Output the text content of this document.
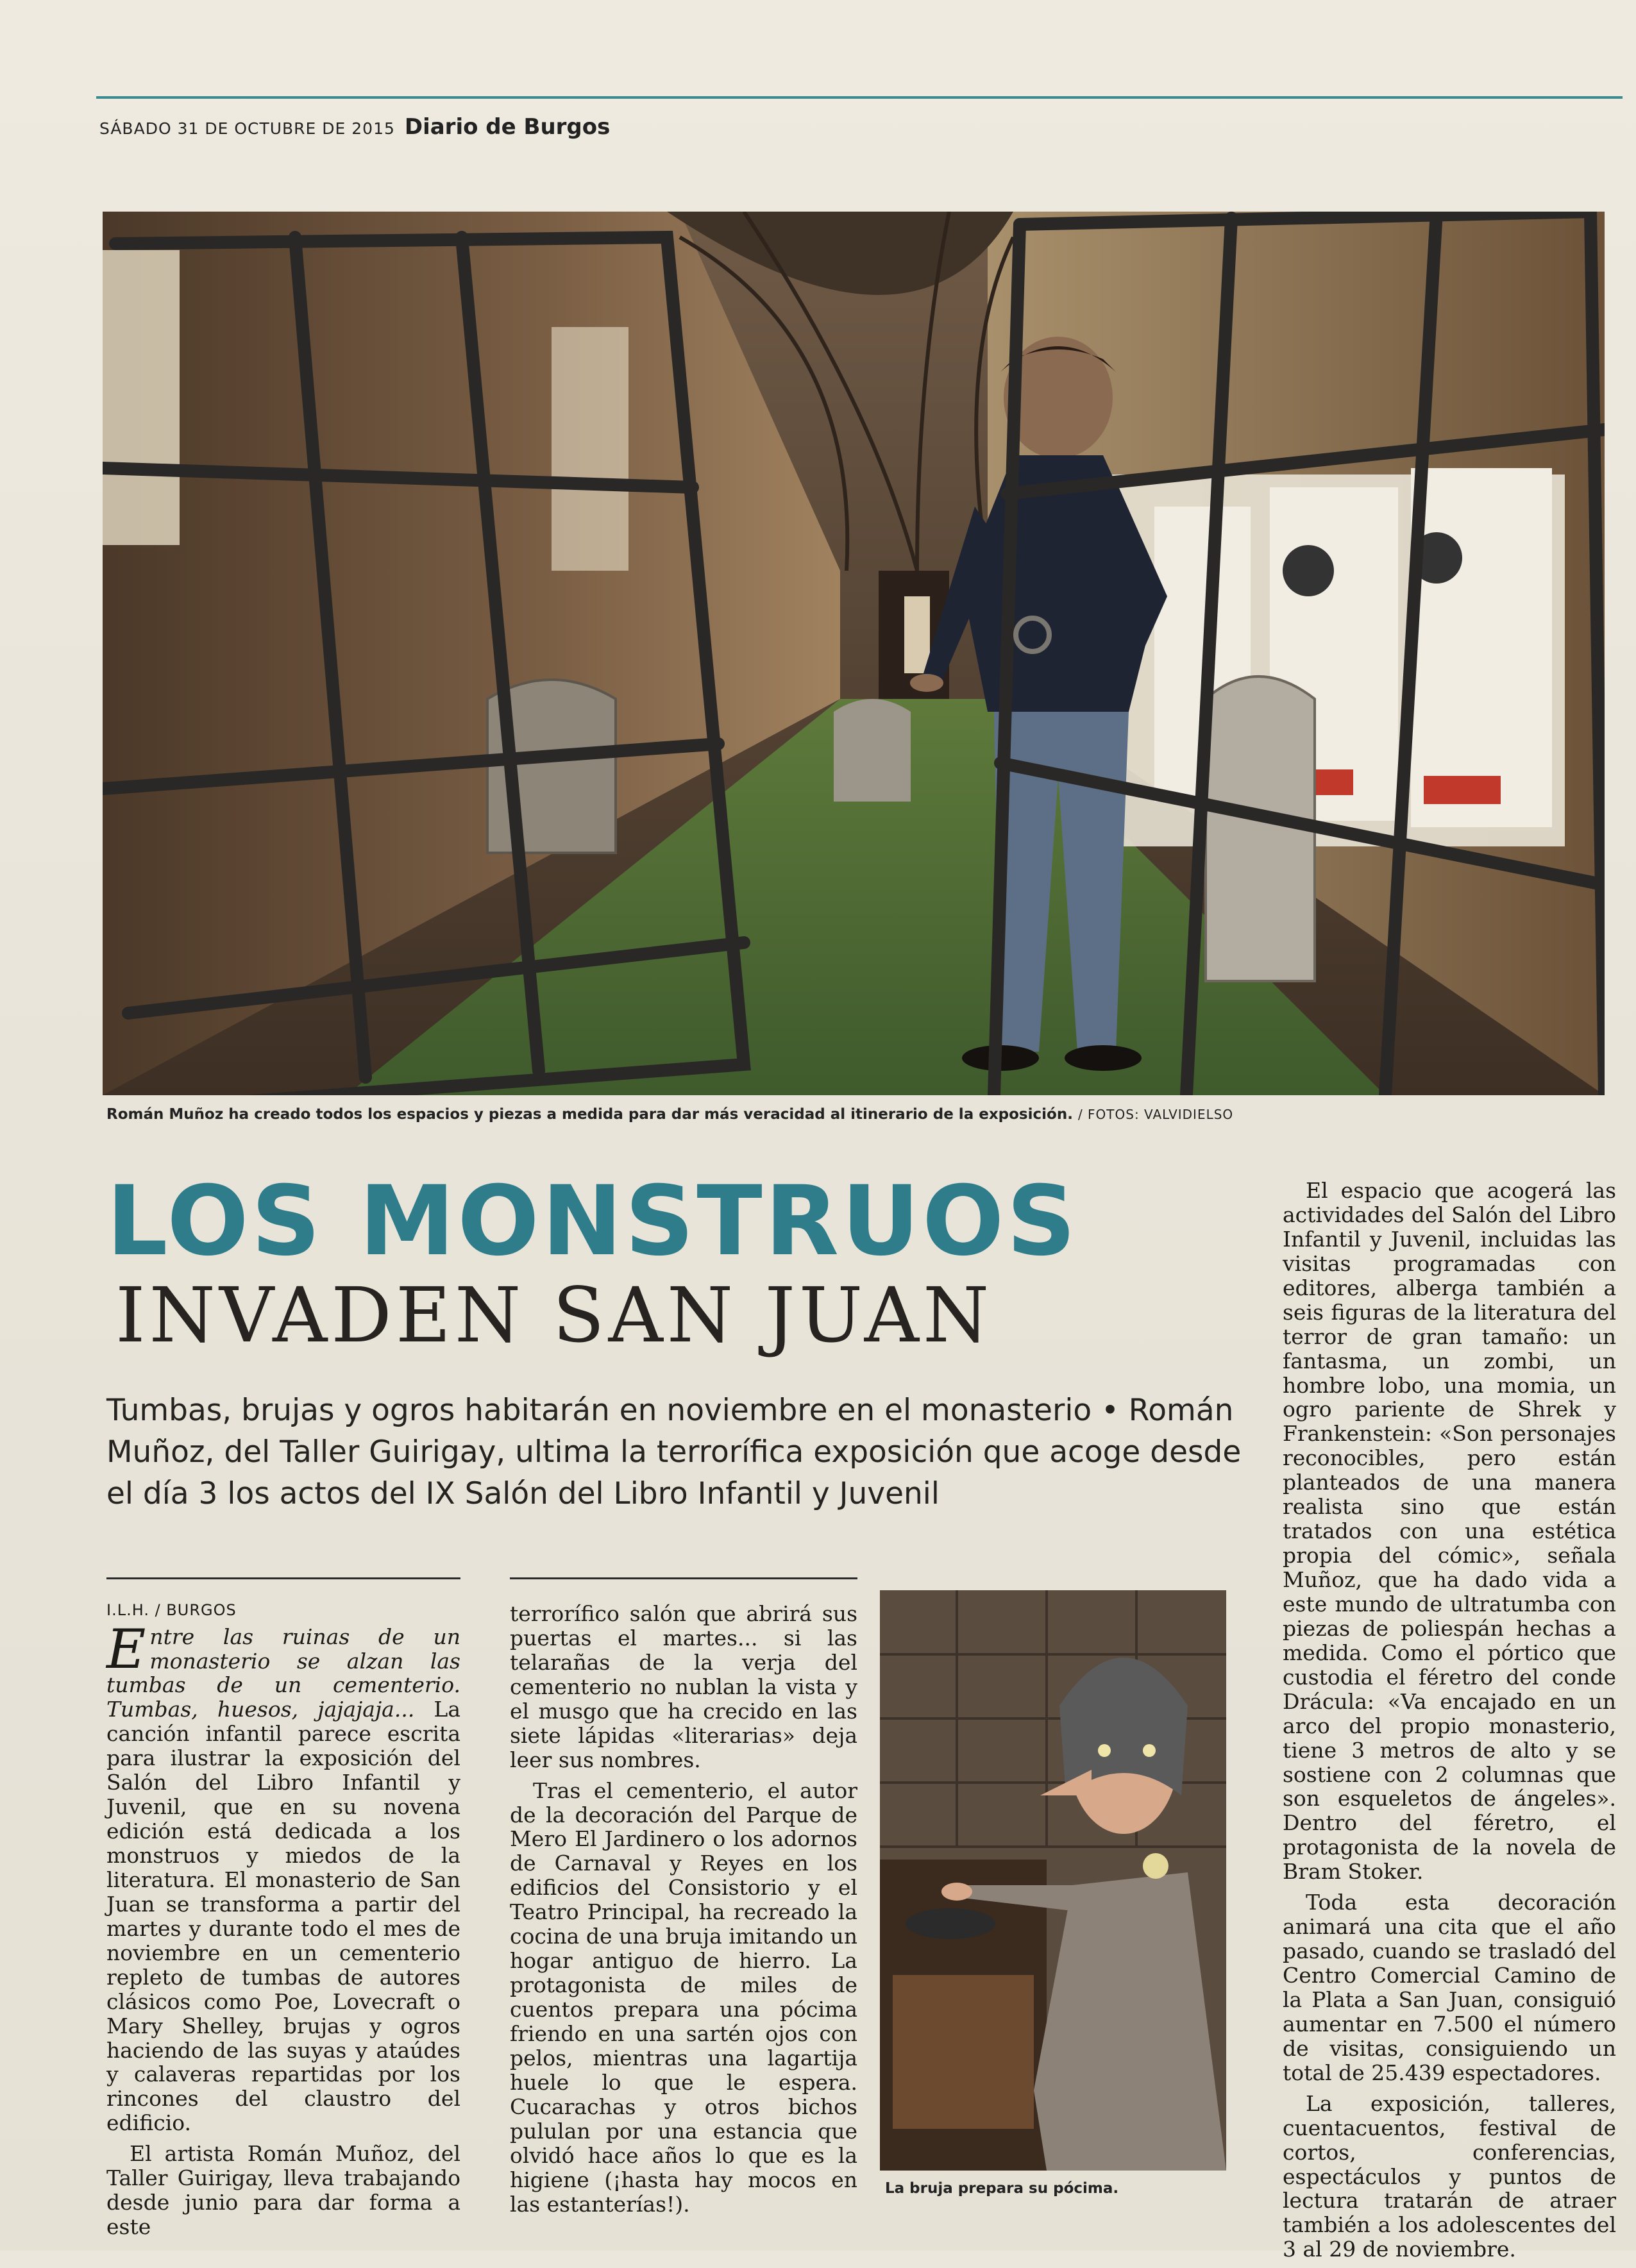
SÁBADO 31 DE OCTUBRE DE 2015 Diario de Burgos
Román Muñoz ha creado todos los espacios y piezas a medida para dar más veracidad al itinerario de la exposición. / FOTOS: VALVIDIELSO
LOS MONSTRUOS
INVADEN SAN JUAN
Tumbas, brujas y ogros habitarán en noviembre en el monasterio • Román Muñoz, del Taller Guirigay, ultima la terrorífica exposición que acoge desde el día 3 los actos del IX Salón del Libro Infantil y Juvenil
I.L.H. / BURGOS

Entre las ruinas de un monasterio se alzan las tumbas de un cementerio. Tumbas, huesos, jajajaja... La canción infantil parece escrita para ilustrar la exposición del Salón del Libro Infantil y Juvenil, que en su novena edición está dedicada a los monstruos y miedos de la literatura. El monasterio de San Juan se transforma a partir del martes y durante todo el mes de noviembre en un cementerio repleto de tumbas de autores clásicos como Poe, Lovecraft o Mary Shelley, brujas y ogros haciendo de las suyas y ataúdes y calaveras repartidas por los rincones del claustro del edificio.

El artista Román Muñoz, del Taller Guirigay, lleva trabajando desde junio para dar forma a este

terrorífico salón que abrirá sus puertas el martes... si las telarañas de la verja del cementerio no nublan la vista y el musgo que ha crecido en las siete lápidas «literarias» deja leer sus nombres.

Tras el cementerio, el autor de la decoración del Parque de Mero El Jardinero o los adornos de Carnaval y Reyes en los edificios del Consistorio y el Teatro Principal, ha recreado la cocina de una bruja imitando un hogar antiguo de hierro. La protagonista de miles de cuentos prepara una pócima friendo en una sartén ojos con pelos, mientras una lagartija huele lo que le espera. Cucarachas y otros bichos pululan por una estancia que olvidó hace años lo que es la higiene (¡hasta hay mocos en las estanterías!).

La bruja prepara su pócima.

El espacio que acogerá las actividades del Salón del Libro Infantil y Juvenil, incluidas las visitas programadas con editores, alberga también a seis figuras de la literatura del terror de gran tamaño: un fantasma, un zombi, un hombre lobo, una momia, un ogro pariente de Shrek y Frankenstein: «Son personajes reconocibles, pero están planteados de una manera realista sino que están tratados con una estética propia del cómic», señala Muñoz, que ha dado vida a este mundo de ultratumba con piezas de poliespán hechas a medida. Como el pórtico que custodia el féretro del conde Drácula: «Va encajado en un arco del propio monasterio, tiene 3 metros de alto y se sostiene con 2 columnas que son esqueletos de ángeles». Dentro del féretro, el protagonista de la novela de Bram Stoker.

Toda esta decoración animará una cita que el año pasado, cuando se trasladó del Centro Comercial Camino de la Plata a San Juan, consiguió aumentar en 7.500 el número de visitas, consiguiendo un total de 25.439 espectadores.

La exposición, talleres, cuentacuentos, festival de cortos, conferencias, espectáculos y puntos de lectura tratarán de atraer también a los adolescentes del 3 al 29 de noviembre.
